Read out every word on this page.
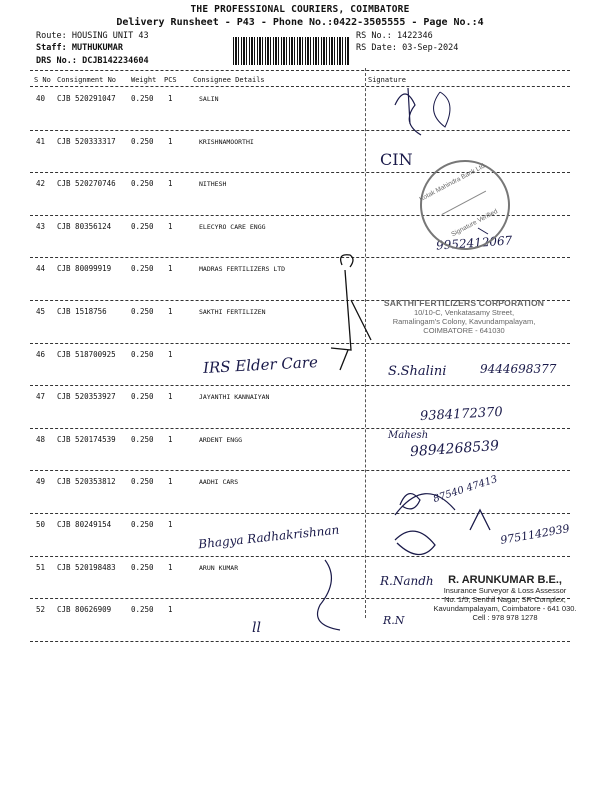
THE PROFESSIONAL COURIERS, COIMBATORE
Delivery Runsheet - P43 - Phone No.:0422-3505555 - Page No.:4
Route: HOUSING UNIT 43
Staff: MUTHUKUMAR
DRS No.: DCJB142234604
RS No.: 1422346
RS Date: 03-Sep-2024
S No Consignment No Weight PCS Consignee Details	Signature
40 CJB 520291047 0.250 1	SALIN
41 CJB 520333317 0.250 1	KRISHNAMOORTHI
42 CJB 520270746 0.250 1	NITHESH
43 CJB 80356124	0.250 1	ELECYRO CARE ENGG
44 CJB 80099919	0.250 1	MADRAS FERTILIZERS LTD
45 CJB 1518756	0.250 1	SAKTHI FERTILIZEN
46 CJB 518700925 0.250 1
47 CJB 520353927 0.250 1	JAYANTHI KANNAIYAN
48 CJB 520174539 0.250 1	ARDENT ENGG
49 CJB 520353812 0.250 1	AADHI CARS
50 CJB 80249154	0.250 1
51 CJB 520198483 0.250 1	ARUN KUMAR
52 CJB 80626909	0.250 1
CIN
9952412067
IRS Elder Care	S.Shalini	9444698377
9384172370
Mahesh
9894268539
87540 47413
Bhagya Radhakrishnan	9751142939
R.Nandh
R.N
ll
Kotak Mahindra Bank Ltd.
Signature Verified
SAKTHI FERTILIZERS CORPORATION
10/10-C, Venkatasamy Street,
Ramalingam's Colony, Kavundampalayam,
COIMBATORE - 641030
R. ARUNKUMAR B.E.,
Insurance Surveyor & Loss Assessor
No. 1/5, Senthil Nagar, SR Complex,
Kavundampalayam, Coimbatore - 641 030.
Cell : 978 978 1278
